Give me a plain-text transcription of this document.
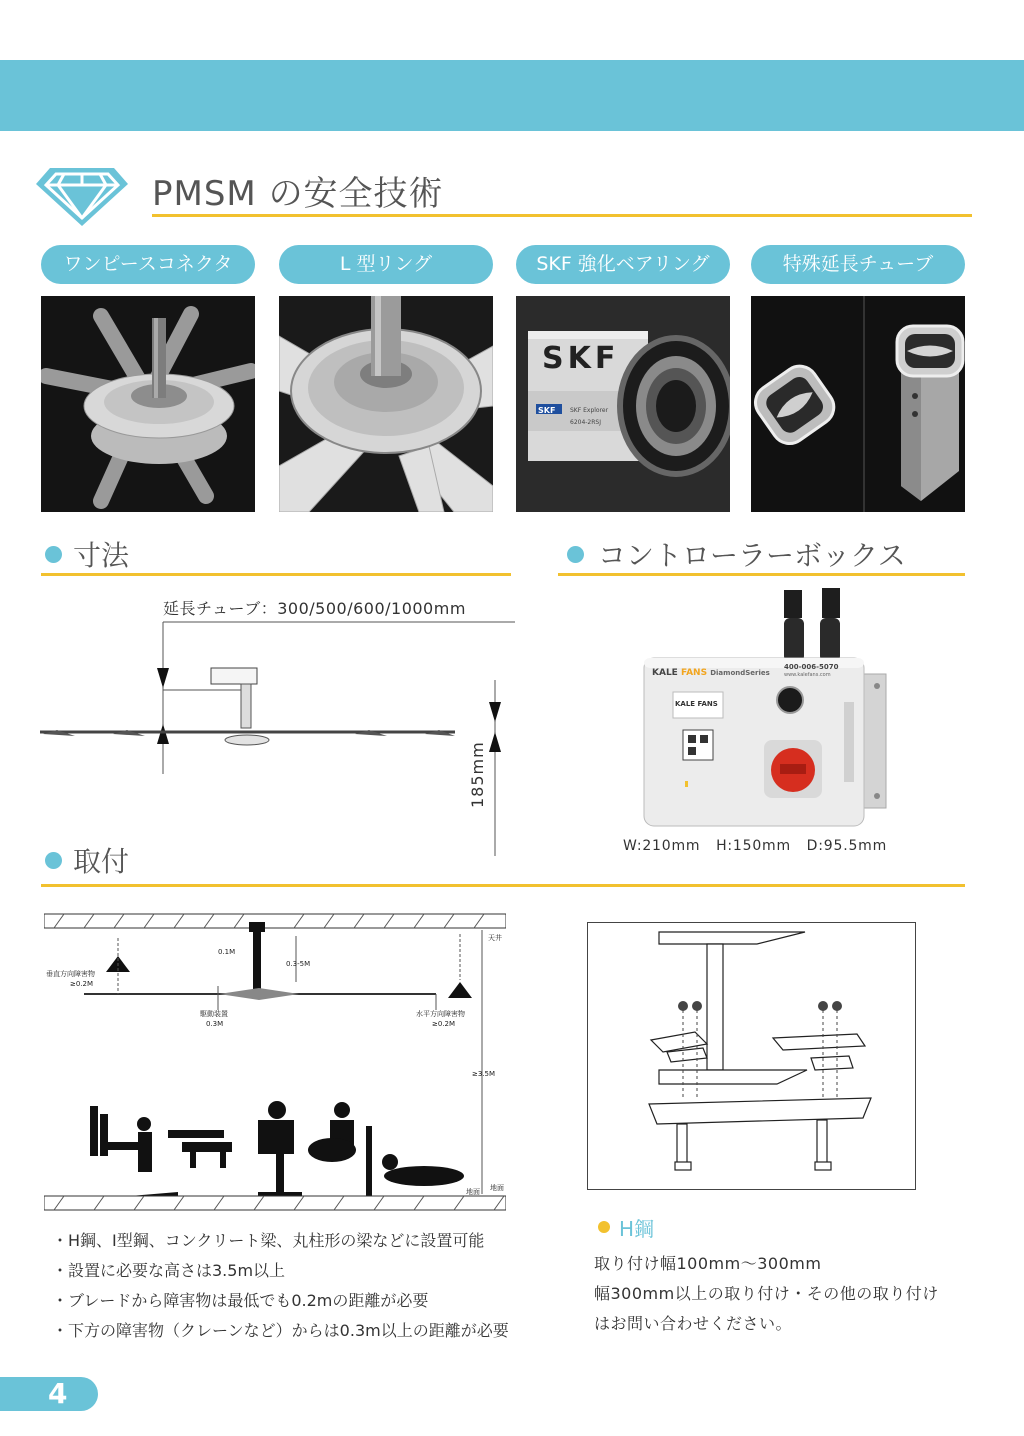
PMSM の安全技術
ワンピースコネクタ	L 型リング	SKF 強化ベアリング	特殊延長チューブ
SKF
SKF SKF Explorer
6204-2RSJ
寸法	コントローラーボックス
延長チューブ：300/500/600/1000mm
185mm
KALE FANS DiamondSeries
400-006-5070
www.kalefans.com
KALE FANS
W:210mm   H:150mm   D:95.5mm
取付
天井
0.1M
0.3-5M
垂直方向障害物
≥0.2M
水平方向障害物
≥0.2M
駆動装置
0.3M
≥3.5M
地面 地面
・H鋼、I型鋼、コンクリート梁、丸柱形の梁などに設置可能
・設置に必要な高さは3.5m以上
・ブレードから障害物は最低でも0.2mの距離が必要
・下方の障害物（クレーンなど）からは0.3m以上の距離が必要
H鋼
取り付け幅100mm～300mm
幅300mm以上の取り付け・その他の取り付け
はお問い合わせください。
4
